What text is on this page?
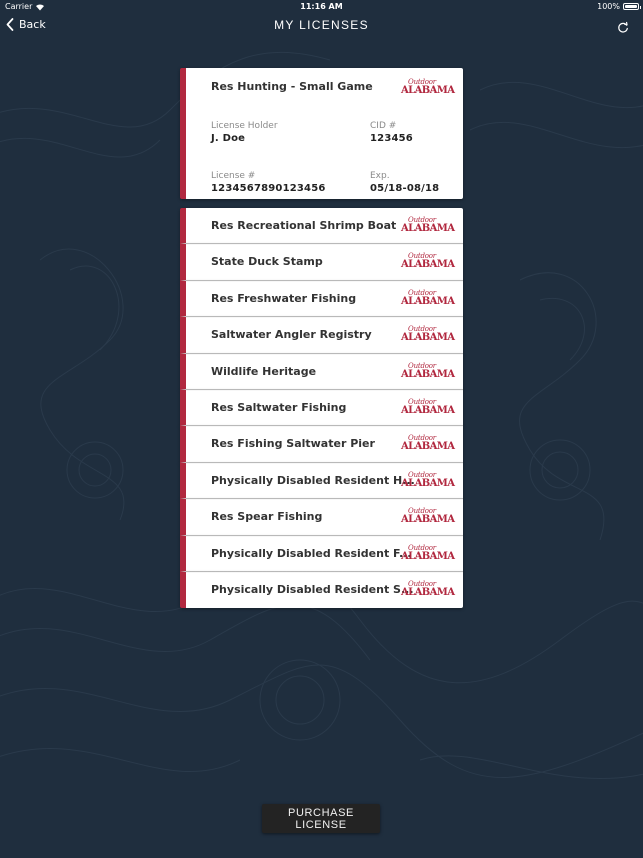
Carrier	11:16 AM	100%
Back	MY LICENSES
Res Hunting - Small Game	Outdoor
ALABAMA
License Holder
J. Doe
CID #
123456
License #
1234567890123456
Exp.
05/18-08/18
Res Recreational Shrimp Boat	Outdoor
ALABAMA
State Duck Stamp	Outdoor
ALABAMA
Res Freshwater Fishing	Outdoor
ALABAMA
Saltwater Angler Registry	Outdoor
ALABAMA
Wildlife Heritage	Outdoor
ALABAMA
Res Saltwater Fishing	Outdoor
ALABAMA
Res Fishing Saltwater Pier	Outdoor
ALABAMA
Physically Disabled Resident H...
Outdoor
ALABAMA
Res Spear Fishing	Outdoor
ALABAMA
Physically Disabled Resident F...
Outdoor
ALABAMA
Physically Disabled Resident S...
Outdoor
ALABAMA
PURCHASE LICENSE
